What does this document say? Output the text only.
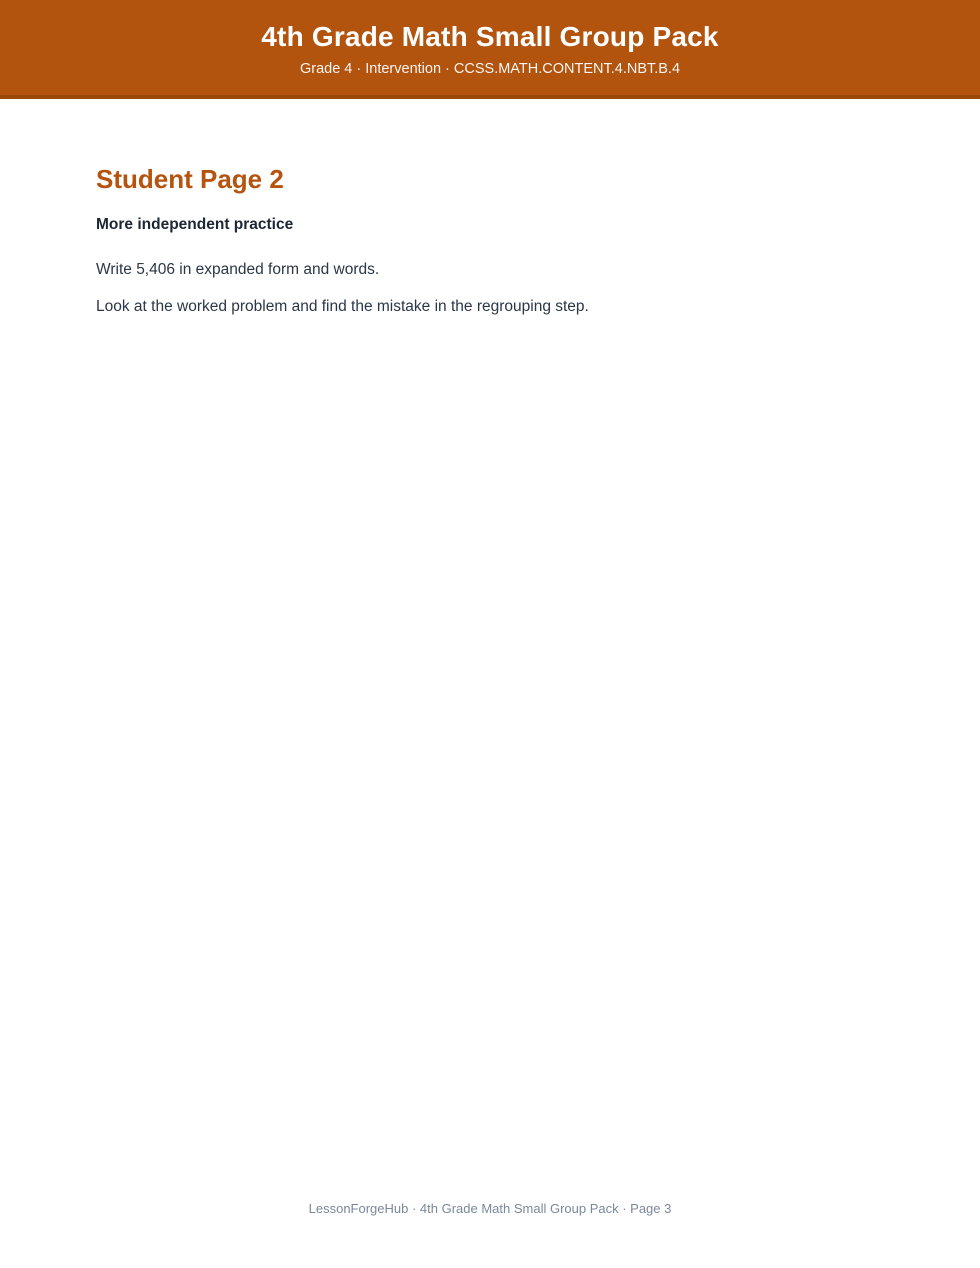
4th Grade Math Small Group Pack
Grade 4 · Intervention · CCSS.MATH.CONTENT.4.NBT.B.4
Student Page 2
More independent practice

Write 5,406 in expanded form and words.

Look at the worked problem and find the mistake in the regrouping step.

LessonForgeHub · 4th Grade Math Small Group Pack · Page 3
